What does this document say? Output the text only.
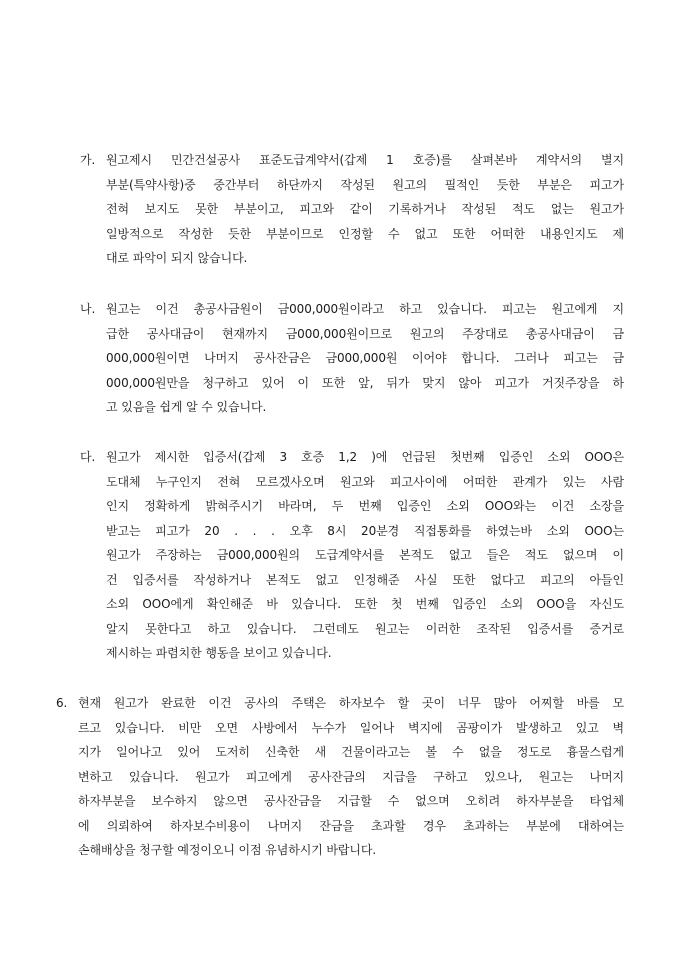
가. 원고제시 민간건설공사 표준도급계약서(갑제 1 호증)를 살펴본바 계약서의 별지
부분(특약사항)중 중간부터 하단까지 작성된 원고의 필적인 듯한 부분은 피고가
전혀 보지도 못한 부분이고, 피고와 같이 기록하거나 작성된 적도 없는 원고가
일방적으로 작성한 듯한 부분이므로 인정할 수 없고 또한 어떠한 내용인지도 제
대로 파악이 되지 않습니다.
나. 원고는 이건 총공사금원이 금000,000원이라고 하고 있습니다. 피고는 원고에게 지
급한 공사대금이 현재까지 금000,000원이므로 원고의 주장대로 총공사대금이 금
000,000원이면 나머지 공사잔금은 금000,000원 이어야 합니다. 그러나 피고는 금
000,000원만을 청구하고 있어 이 또한 앞, 뒤가 맞지 않아 피고가 거짓주장을 하
고 있음을 쉽게 알 수 있습니다.
다. 원고가 제시한 입증서(갑제 3 호증 1,2 )에 언급된 첫번째 입증인 소외 OOO은
도대체 누구인지 전혀 모르겠사오며 원고와 피고사이에 어떠한 관계가 있는 사람
인지 정확하게 밝혀주시기 바라며, 두 번째 입증인 소외 OOO와는 이건 소장을
받고는 피고가 20 . . . 오후 8시 20분경 직접통화를 하였는바 소외 OOO는
원고가 주장하는 금000,000원의 도급계약서를 본적도 없고 들은 적도 없으며 이
건 입증서를 작성하거나 본적도 없고 인정해준 사실 또한 없다고 피고의 아들인
소외 OOO에게 확인해준 바 있습니다. 또한 첫 번째 입증인 소외 OOO을 자신도
알지 못한다고 하고 있습니다. 그런데도 원고는 이러한 조작된 입증서를 증거로
제시하는 파렴치한 행동을 보이고 있습니다.
6. 현재 원고가 완료한 이건 공사의 주택은 하자보수 할 곳이 너무 많아 어찌할 바를 모
르고 있습니다. 비만 오면 사방에서 누수가 일어나 벽지에 곰팡이가 발생하고 있고 벽
지가 일어나고 있어 도저히 신축한 새 건물이라고는 볼 수 없을 정도로 흉물스럽게
변하고 있습니다. 원고가 피고에게 공사잔금의 지급을 구하고 있으나, 원고는 나머지
하자부분을 보수하지 않으면 공사잔금을 지급할 수 없으며 오히려 하자부분을 타업체
에 의뢰하여 하자보수비용이 나머지 잔금을 초과할 경우 초과하는 부분에 대하여는
손해배상을 청구할 예정이오니 이점 유념하시기 바랍니다.
